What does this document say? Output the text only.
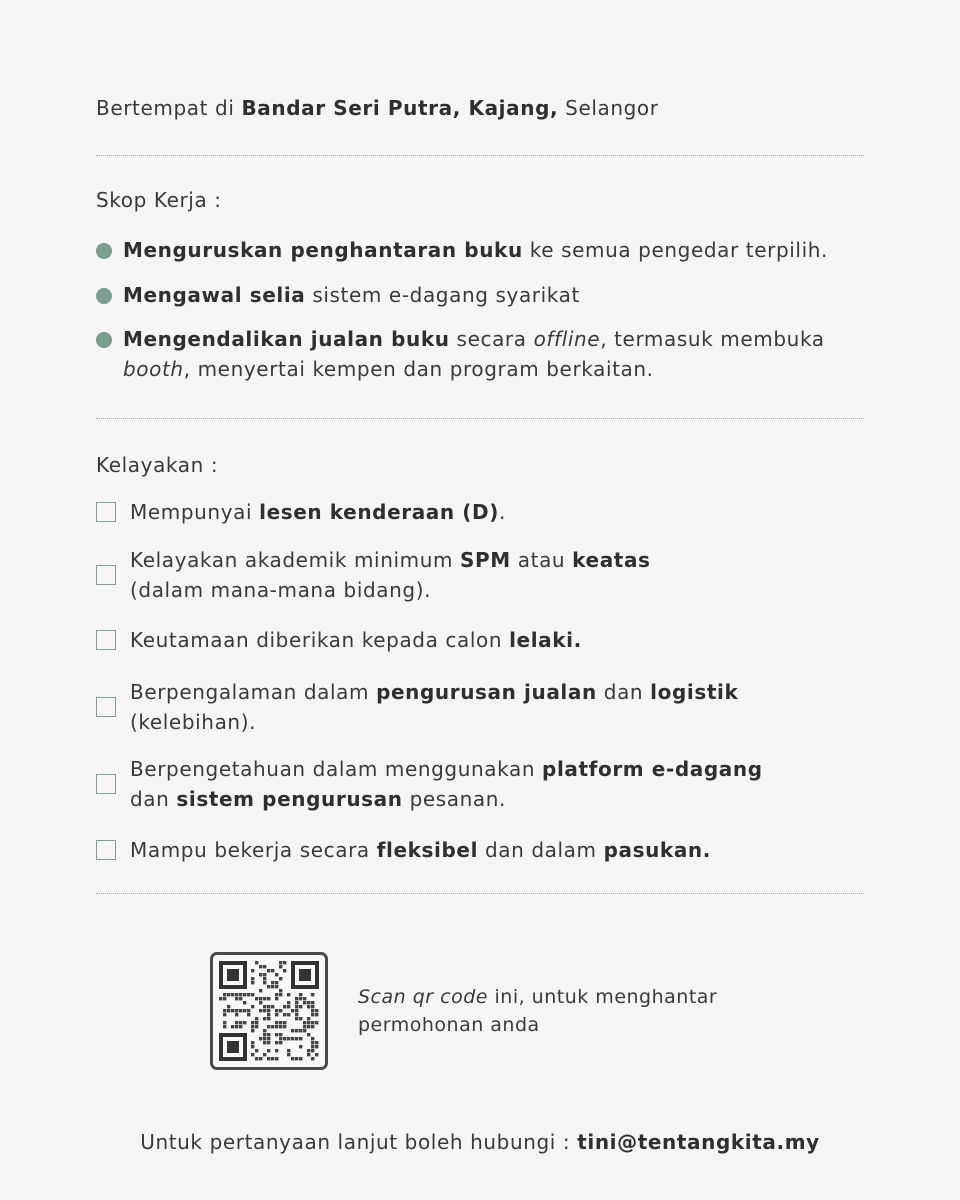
Bertempat di Bandar Seri Putra, Kajang, Selangor
Skop Kerja :
Menguruskan penghantaran buku ke semua pengedar terpilih.
Mengawal selia sistem e-dagang syarikat
Mengendalikan jualan buku secara offline, termasuk membuka
booth, menyertai kempen dan program berkaitan.
Kelayakan :
Mempunyai lesen kenderaan (D).
Kelayakan akademik minimum SPM atau keatas
(dalam mana-mana bidang).
Keutamaan diberikan kepada calon lelaki.
Berpengalaman dalam pengurusan jualan dan logistik
(kelebihan).
Berpengetahuan dalam menggunakan platform e-dagang
dan sistem pengurusan pesanan.
Mampu bekerja secara fleksibel dan dalam pasukan.
Scan qr code ini, untuk menghantar
permohonan anda
Untuk pertanyaan lanjut boleh hubungi : tini@tentangkita.my
